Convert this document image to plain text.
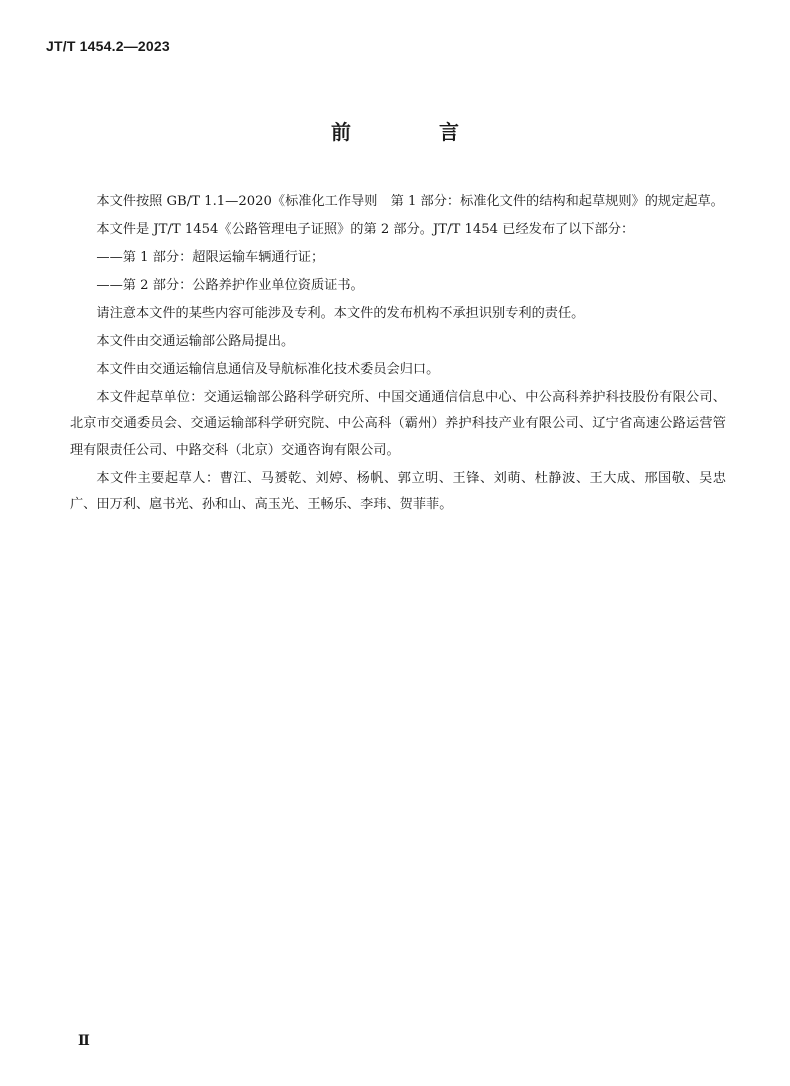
JT/T 1454.2—2023
前　言

本文件按照 GB/T 1.1—2020《标准化工作导则　第 1 部分：标准化文件的结构和起草规则》的规定起草。

本文件是 JT/T 1454《公路管理电子证照》的第 2 部分。JT/T 1454 已经发布了以下部分：

——第 1 部分：超限运输车辆通行证；

——第 2 部分：公路养护作业单位资质证书。

请注意本文件的某些内容可能涉及专利。本文件的发布机构不承担识别专利的责任。

本文件由交通运输部公路局提出。

本文件由交通运输信息通信及导航标准化技术委员会归口。

本文件起草单位：交通运输部公路科学研究所、中国交通通信信息中心、中公高科养护科技股份有限公司、北京市交通委员会、交通运输部科学研究院、中公高科（霸州）养护科技产业有限公司、辽宁省高速公路运营管理有限责任公司、中路交科（北京）交通咨询有限公司。

本文件主要起草人：曹江、马赟乾、刘婷、杨帆、郭立明、王锋、刘萌、杜静波、王大成、邢国敬、吴忠广、田万利、扈书光、孙和山、高玉光、王畅乐、李玮、贺菲菲。

Ⅱ
